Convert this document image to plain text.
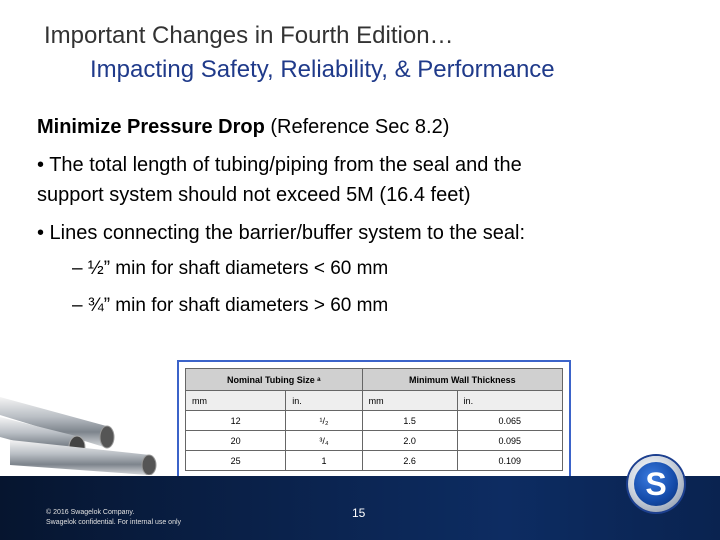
Important Changes in Fourth Edition…
Impacting Safety, Reliability, & Performance
Minimize Pressure Drop (Reference Sec 8.2)
• The total length of tubing/piping from the seal and the
support system should not exceed 5M (16.4 feet)
• Lines connecting the barrier/buffer system to the seal:
– ½” min for shaft diameters < 60 mm
– ¾” min for shaft diameters > 60 mm
Nominal Tubing Size ᵃ		Minimum Wall Thickness	
mm	in.	mm	in.
12	¹/₂	1.5	0.065
20	³/₄	2.0	0.095
25	1	2.6	0.109
© 2016 Swagelok Company.
Swagelok confidential. For internal use only
15
S
